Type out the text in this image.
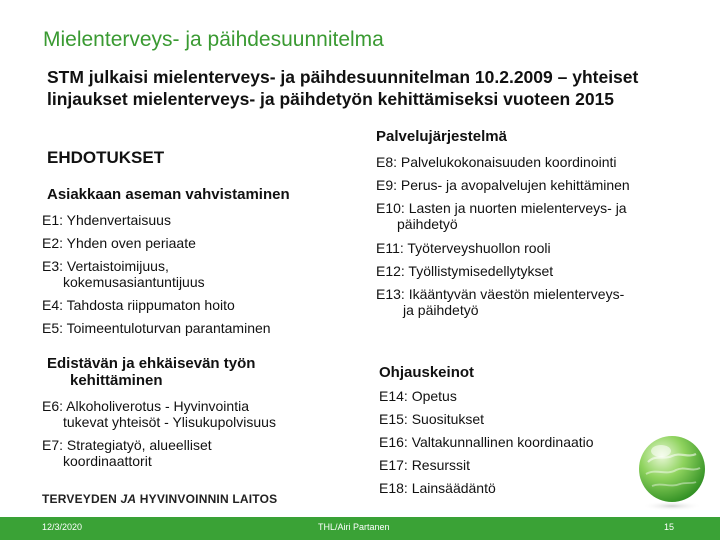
Mielenterveys- ja päihdesuunnitelma
STM julkaisi mielenterveys- ja päihdesuunnitelman 10.2.2009 – yhteiset linjaukset mielenterveys- ja päihdetyön kehittämiseksi vuoteen 2015
EHDOTUKSET
Asiakkaan aseman vahvistaminen
E1: Yhdenvertaisuus
E2: Yhden oven periaate
E3: Vertaistoimijuus,
kokemusasiantuntijuus
E4: Tahdosta riippumaton hoito
E5: Toimeentuloturvan parantaminen
Edistävän ja ehkäisevän työn
kehittäminen
E6: Alkoholiverotus - Hyvinvointia
tukevat yhteisöt - Ylisukupolvisuus
E7: Strategiatyö, alueelliset
koordinaattorit
Palvelujärjestelmä
E8: Palvelukokonaisuuden koordinointi
E9: Perus- ja avopalvelujen kehittäminen
E10: Lasten ja nuorten mielenterveys- ja
päihdetyö
E11: Työterveyshuollon rooli
E12: Työllistymisedellytykset
E13: Ikääntyvän väestön mielenterveys-
ja päihdetyö
Ohjauskeinot
E14: Opetus
E15: Suositukset
E16: Valtakunnallinen koordinaatio
E17: Resurssit
E18: Lainsäädäntö
TERVEYDEN JA HYVINVOINNIN LAITOS
12/3/2020	THL/Airi Partanen	15
